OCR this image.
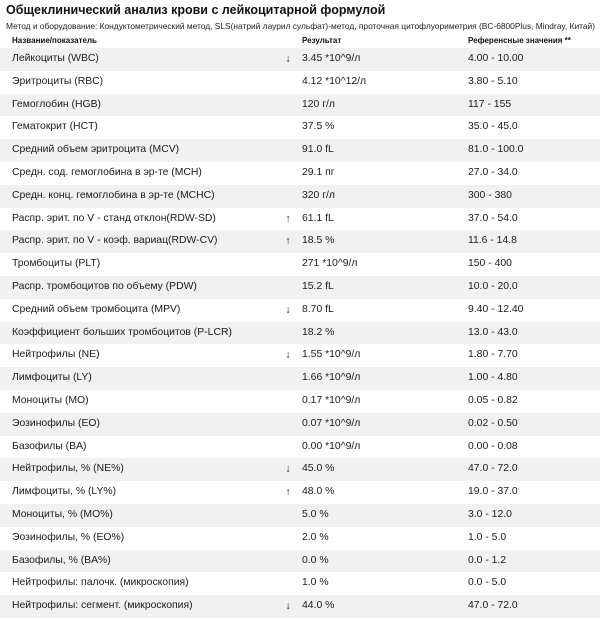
Общеклинический анализ крови с лейкоцитарной формулой
Метод и оборудование: Кондуктометрический метод, SLS(натрий лаурил сульфат)-метод, проточная цитофлуориметрия (BC-6800Plus, Mindray, Китай)
Название/показатель	Результат	Референсные значения **
Лейкоциты (WBC)	↓ 3.45 *10^9/л	4.00 - 10.00
Эритроциты (RBC)	4.12 *10^12/л	3.80 - 5.10
Гемоглобин (HGB)	120 г/л	117 - 155
Гематокрит (HCT)	37.5 %	35.0 - 45.0
Средний объем эритроцита (MCV)	91.0 fL	81.0 - 100.0
Средн. сод. гемоглобина в эр-те (MCH)	29.1 пг	27.0 - 34.0
Средн. конц. гемоглобина в эр-те (MCHC)	320 г/л	300 - 380
Распр. эрит. по V - станд отклон(RDW-SD)	↑ 61.1 fL	37.0 - 54.0
Распр. эрит. по V - коэф. вариац(RDW-CV)	↑ 18.5 %	11.6 - 14.8
Тромбоциты (PLT)	271 *10^9/л	150 - 400
Распр. тромбоцитов по объему (PDW)	15.2 fL	10.0 - 20.0
Средний объем тромбоцита (MPV)	↓ 8.70 fL	9.40 - 12.40
Коэффициент больших тромбоцитов (P-LCR)	18.2 %	13.0 - 43.0
Нейтрофилы (NE)	↓ 1.55 *10^9/л	1.80 - 7.70
Лимфоциты (LY)	1.66 *10^9/л	1.00 - 4.80
Моноциты (MO)	0.17 *10^9/л	0.05 - 0.82
Эозинофилы (EO)	0.07 *10^9/л	0.02 - 0.50
Базофилы (BA)	0.00 *10^9/л	0.00 - 0.08
Нейтрофилы, % (NE%)	↓ 45.0 %	47.0 - 72.0
Лимфоциты, % (LY%)	↑ 48.0 %	19.0 - 37.0
Моноциты, % (MO%)	5.0 %	3.0 - 12.0
Эозинофилы, % (EO%)	2.0 %	1.0 - 5.0
Базофилы, % (BA%)	0.0 %	0.0 - 1.2
Нейтрофилы: палочк. (микроскопия)	1.0 %	0.0 - 5.0
Нейтрофилы: сегмент. (микроскопия)	↓ 44.0 %	47.0 - 72.0
